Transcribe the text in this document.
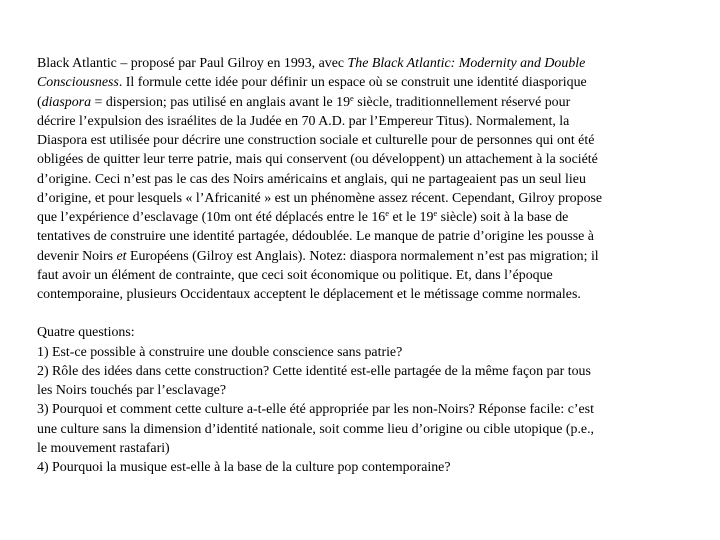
Black Atlantic – proposé par Paul Gilroy en 1993, avec The Black Atlantic: Modernity and Double
Consciousness. Il formule cette idée pour définir un espace où se construit une identité diasporique
(diaspora = dispersion; pas utilisé en anglais avant le 19e siècle, traditionnellement réservé pour
décrire l’expulsion des israélites de la Judée en 70 A.D. par l’Empereur Titus). Normalement, la
Diaspora est utilisée pour décrire une construction sociale et culturelle pour de personnes qui ont été
obligées de quitter leur terre patrie, mais qui conservent (ou développent) un attachement à la société
d’origine. Ceci n’est pas le cas des Noirs américains et anglais, qui ne partageaient pas un seul lieu
d’origine, et pour lesquels « l’Africanité » est un phénomène assez récent. Cependant, Gilroy propose
que l’expérience d’esclavage (10m ont été déplacés entre le 16e et le 19e siècle) soit à la base de
tentatives de construire une identité partagée, dédoublée. Le manque de patrie d’origine les pousse à
devenir Noirs et Européens (Gilroy est Anglais). Notez: diaspora normalement n’est pas migration; il
faut avoir un élément de contrainte, que ceci soit économique ou politique. Et, dans l’époque
contemporaine, plusieurs Occidentaux acceptent le déplacement et le métissage comme normales.
Quatre questions:
1) Est-ce possible à construire une double conscience sans patrie?
2) Rôle des idées dans cette construction? Cette identité est-elle partagée de la même façon par tous
les Noirs touchés par l’esclavage?
3) Pourquoi et comment cette culture a-t-elle été appropriée par les non-Noirs? Réponse facile: c’est
une culture sans la dimension d’identité nationale, soit comme lieu d’origine ou cible utopique (p.e.,
le mouvement rastafari)
4) Pourquoi la musique est-elle à la base de la culture pop contemporaine?
